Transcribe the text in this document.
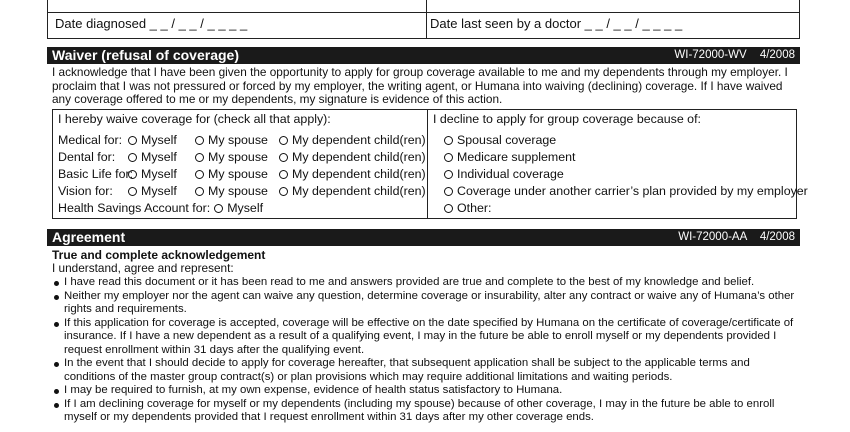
Date diagnosed _ _ / _ _ / _ _ _ _	Date last seen by a doctor _ _ / _ _ / _ _ _ _
Waiver (refusal of coverage)	WI-72000-WV 4/2008
I acknowledge that I have been given the opportunity to apply for group coverage available to me and my dependents through my employer. I proclaim that I was not pressured or forced by my employer, the writing agent, or Humana into waiving (declining) coverage. If I have waived any coverage offered to me or my dependents, my signature is evidence of this action.
I hereby waive coverage for (check all that apply):
Medical for: Myself	My spouse My dependent child(ren)
Dental for: Myself	My spouse My dependent child(ren)
Basic Life for: Myself	My spouse My dependent child(ren)
Vision for: Myself	My spouse My dependent child(ren)
Health Savings Account for: Myself
I decline to apply for group coverage because of:
Spousal coverage
Medicare supplement
Individual coverage
Coverage under another carrier’s plan provided by my employer
Other:
Agreement	WI-72000-AA 4/2008
True and complete acknowledgement
I understand, agree and represent:
I have read this document or it has been read to me and answers provided are true and complete to the best of my knowledge and belief.
Neither my employer nor the agent can waive any question, determine coverage or insurability, alter any contract or waive any of Humana’s other rights and requirements.
If this application for coverage is accepted, coverage will be effective on the date specified by Humana on the certificate of coverage/certificate of insurance. If I have a new dependent as a result of a qualifying event, I may in the future be able to enroll myself or my dependents provided I request enrollment within 31 days after the qualifying event.
In the event that I should decide to apply for coverage hereafter, that subsequent application shall be subject to the applicable terms and conditions of the master group contract(s) or plan provisions which may require additional limitations and waiting periods.
I may be required to furnish, at my own expense, evidence of health status satisfactory to Humana.
If I am declining coverage for myself or my dependents (including my spouse) because of other coverage, I may in the future be able to enroll myself or my dependents provided that I request enrollment within 31 days after my other coverage ends.
